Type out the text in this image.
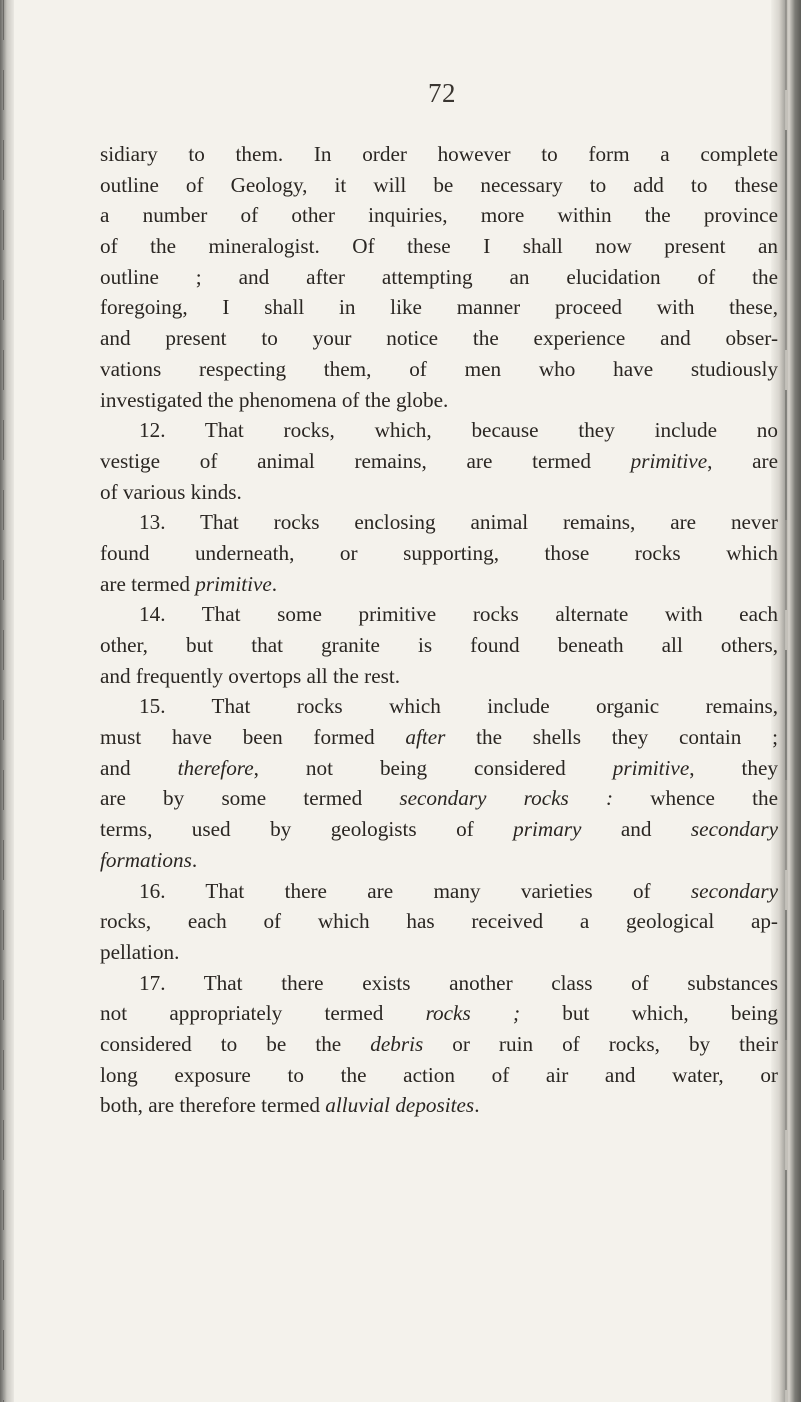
72
sidiary to them. In order however to form a complete
outline of Geology, it will be necessary to add to these
a number of other inquiries, more within the province
of the mineralogist. Of these I shall now present an
outline ; and after attempting an elucidation of the
foregoing, I shall in like manner proceed with these,
and present to your notice the experience and obser-
vations respecting them, of men who have studiously
investigated the phenomena of the globe.
12. That rocks, which, because they include no
vestige of animal remains, are termed primitive, are
of various kinds.
13. That rocks enclosing animal remains, are never
found underneath, or supporting, those rocks which
are termed primitive.
14. That some primitive rocks alternate with each
other, but that granite is found beneath all others,
and frequently overtops all the rest.
15. That rocks which include organic remains,
must have been formed after the shells they contain ;
and therefore, not being considered primitive, they
are by some termed secondary rocks : whence the
terms, used by geologists of primary and secondary
formations.
16. That there are many varieties of secondary
rocks, each of which has received a geological ap-
pellation.
17. That there exists another class of substances
not appropriately termed rocks ; but which, being
considered to be the debris or ruin of rocks, by their
long exposure to the action of air and water, or
both, are therefore termed alluvial deposites.
